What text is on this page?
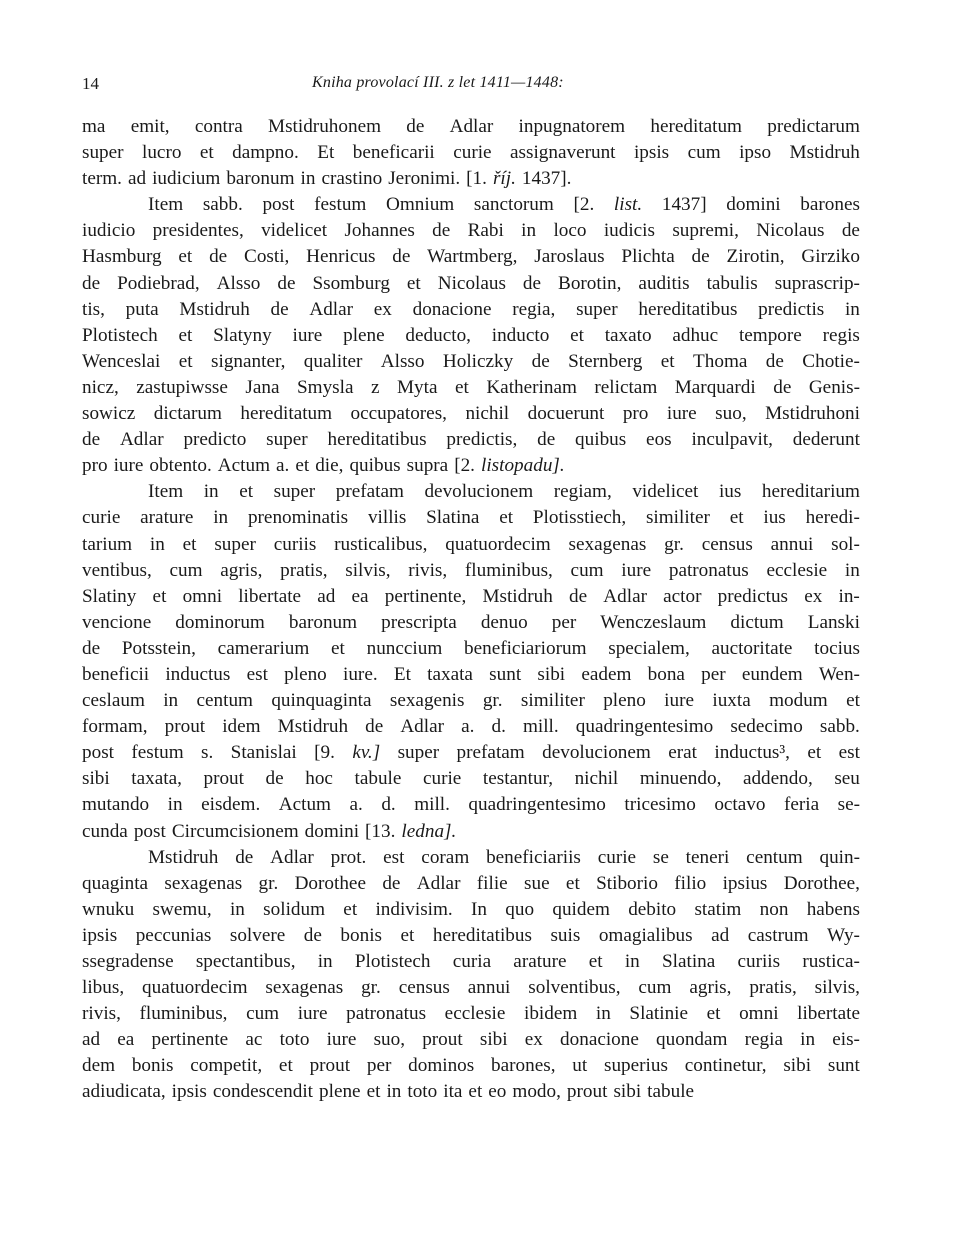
14	Kniha provolací III. z let 1411—1448:
ma emit, contra Mstidruhonem de Adlar inpugnatorem hereditatum predictarum
super lucro et dampno. Et beneficarii curie assignaverunt ipsis cum ipso Mstidruh
term. ad iudicium baronum in crastino Jeronimi. [1. říj. 1437].
Item sabb. post festum Omnium sanctorum [2. list. 1437] domini barones
iudicio presidentes, videlicet Johannes de Rabi in loco iudicis supremi, Nicolaus de
Hasmburg et de Costi, Henricus de Wartmberg, Jaroslaus Plichta de Zirotin, Girziko
de Podiebrad, Alsso de Ssomburg et Nicolaus de Borotin, auditis tabulis suprascrip-
tis, puta Mstidruh de Adlar ex donacione regia, super hereditatibus predictis in
Plotistech et Slatyny iure plene deducto, inducto et taxato adhuc tempore regis
Wenceslai et signanter, qualiter Alsso Holiczky de Sternberg et Thoma de Chotie-
nicz, zastupiwsse Jana Smysla z Myta et Katherinam relictam Marquardi de Genis-
sowicz dictarum hereditatum occupatores, nichil docuerunt pro iure suo, Mstidruhoni
de Adlar predicto super hereditatibus predictis, de quibus eos inculpavit, dederunt
pro iure obtento. Actum a. et die, quibus supra [2. listopadu].
Item in et super prefatam devolucionem regiam, videlicet ius hereditarium
curie arature in prenominatis villis Slatina et Plotisstiech, similiter et ius heredi-
tarium in et super curiis rusticalibus, quatuordecim sexagenas gr. census annui sol-
ventibus, cum agris, pratis, silvis, rivis, fluminibus, cum iure patronatus ecclesie in
Slatiny et omni libertate ad ea pertinente, Mstidruh de Adlar actor predictus ex in-
vencione dominorum baronum prescripta denuo per Wenczeslaum dictum Lanski
de Potsstein, camerarium et nunccium beneficiariorum specialem, auctoritate tocius
beneficii inductus est pleno iure. Et taxata sunt sibi eadem bona per eundem Wen-
ceslaum in centum quinquaginta sexagenis gr. similiter pleno iure iuxta modum et
formam, prout idem Mstidruh de Adlar a. d. mill. quadringentesimo sedecimo sabb.
post festum s. Stanislai [9. kv.] super prefatam devolucionem erat inductus³, et est
sibi taxata, prout de hoc tabule curie testantur, nichil minuendo, addendo, seu
mutando in eisdem. Actum a. d. mill. quadringentesimo tricesimo octavo feria se-
cunda post Circumcisionem domini [13. ledna].
Mstidruh de Adlar prot. est coram beneficiariis curie se teneri centum quin-
quaginta sexagenas gr. Dorothee de Adlar filie sue et Stiborio filio ipsius Dorothee,
wnuku swemu, in solidum et indivisim. In quo quidem debito statim non habens
ipsis peccunias solvere de bonis et hereditatibus suis omagialibus ad castrum Wy-
ssegradense spectantibus, in Plotistech curia arature et in Slatina curiis rustica-
libus, quatuordecim sexagenas gr. census annui solventibus, cum agris, pratis, silvis,
rivis, fluminibus, cum iure patronatus ecclesie ibidem in Slatinie et omni libertate
ad ea pertinente ac toto iure suo, prout sibi ex donacione quondam regia in eis-
dem bonis competit, et prout per dominos barones, ut superius continetur, sibi sunt
adiudicata, ipsis condescendit plene et in toto ita et eo modo, prout sibi tabule
